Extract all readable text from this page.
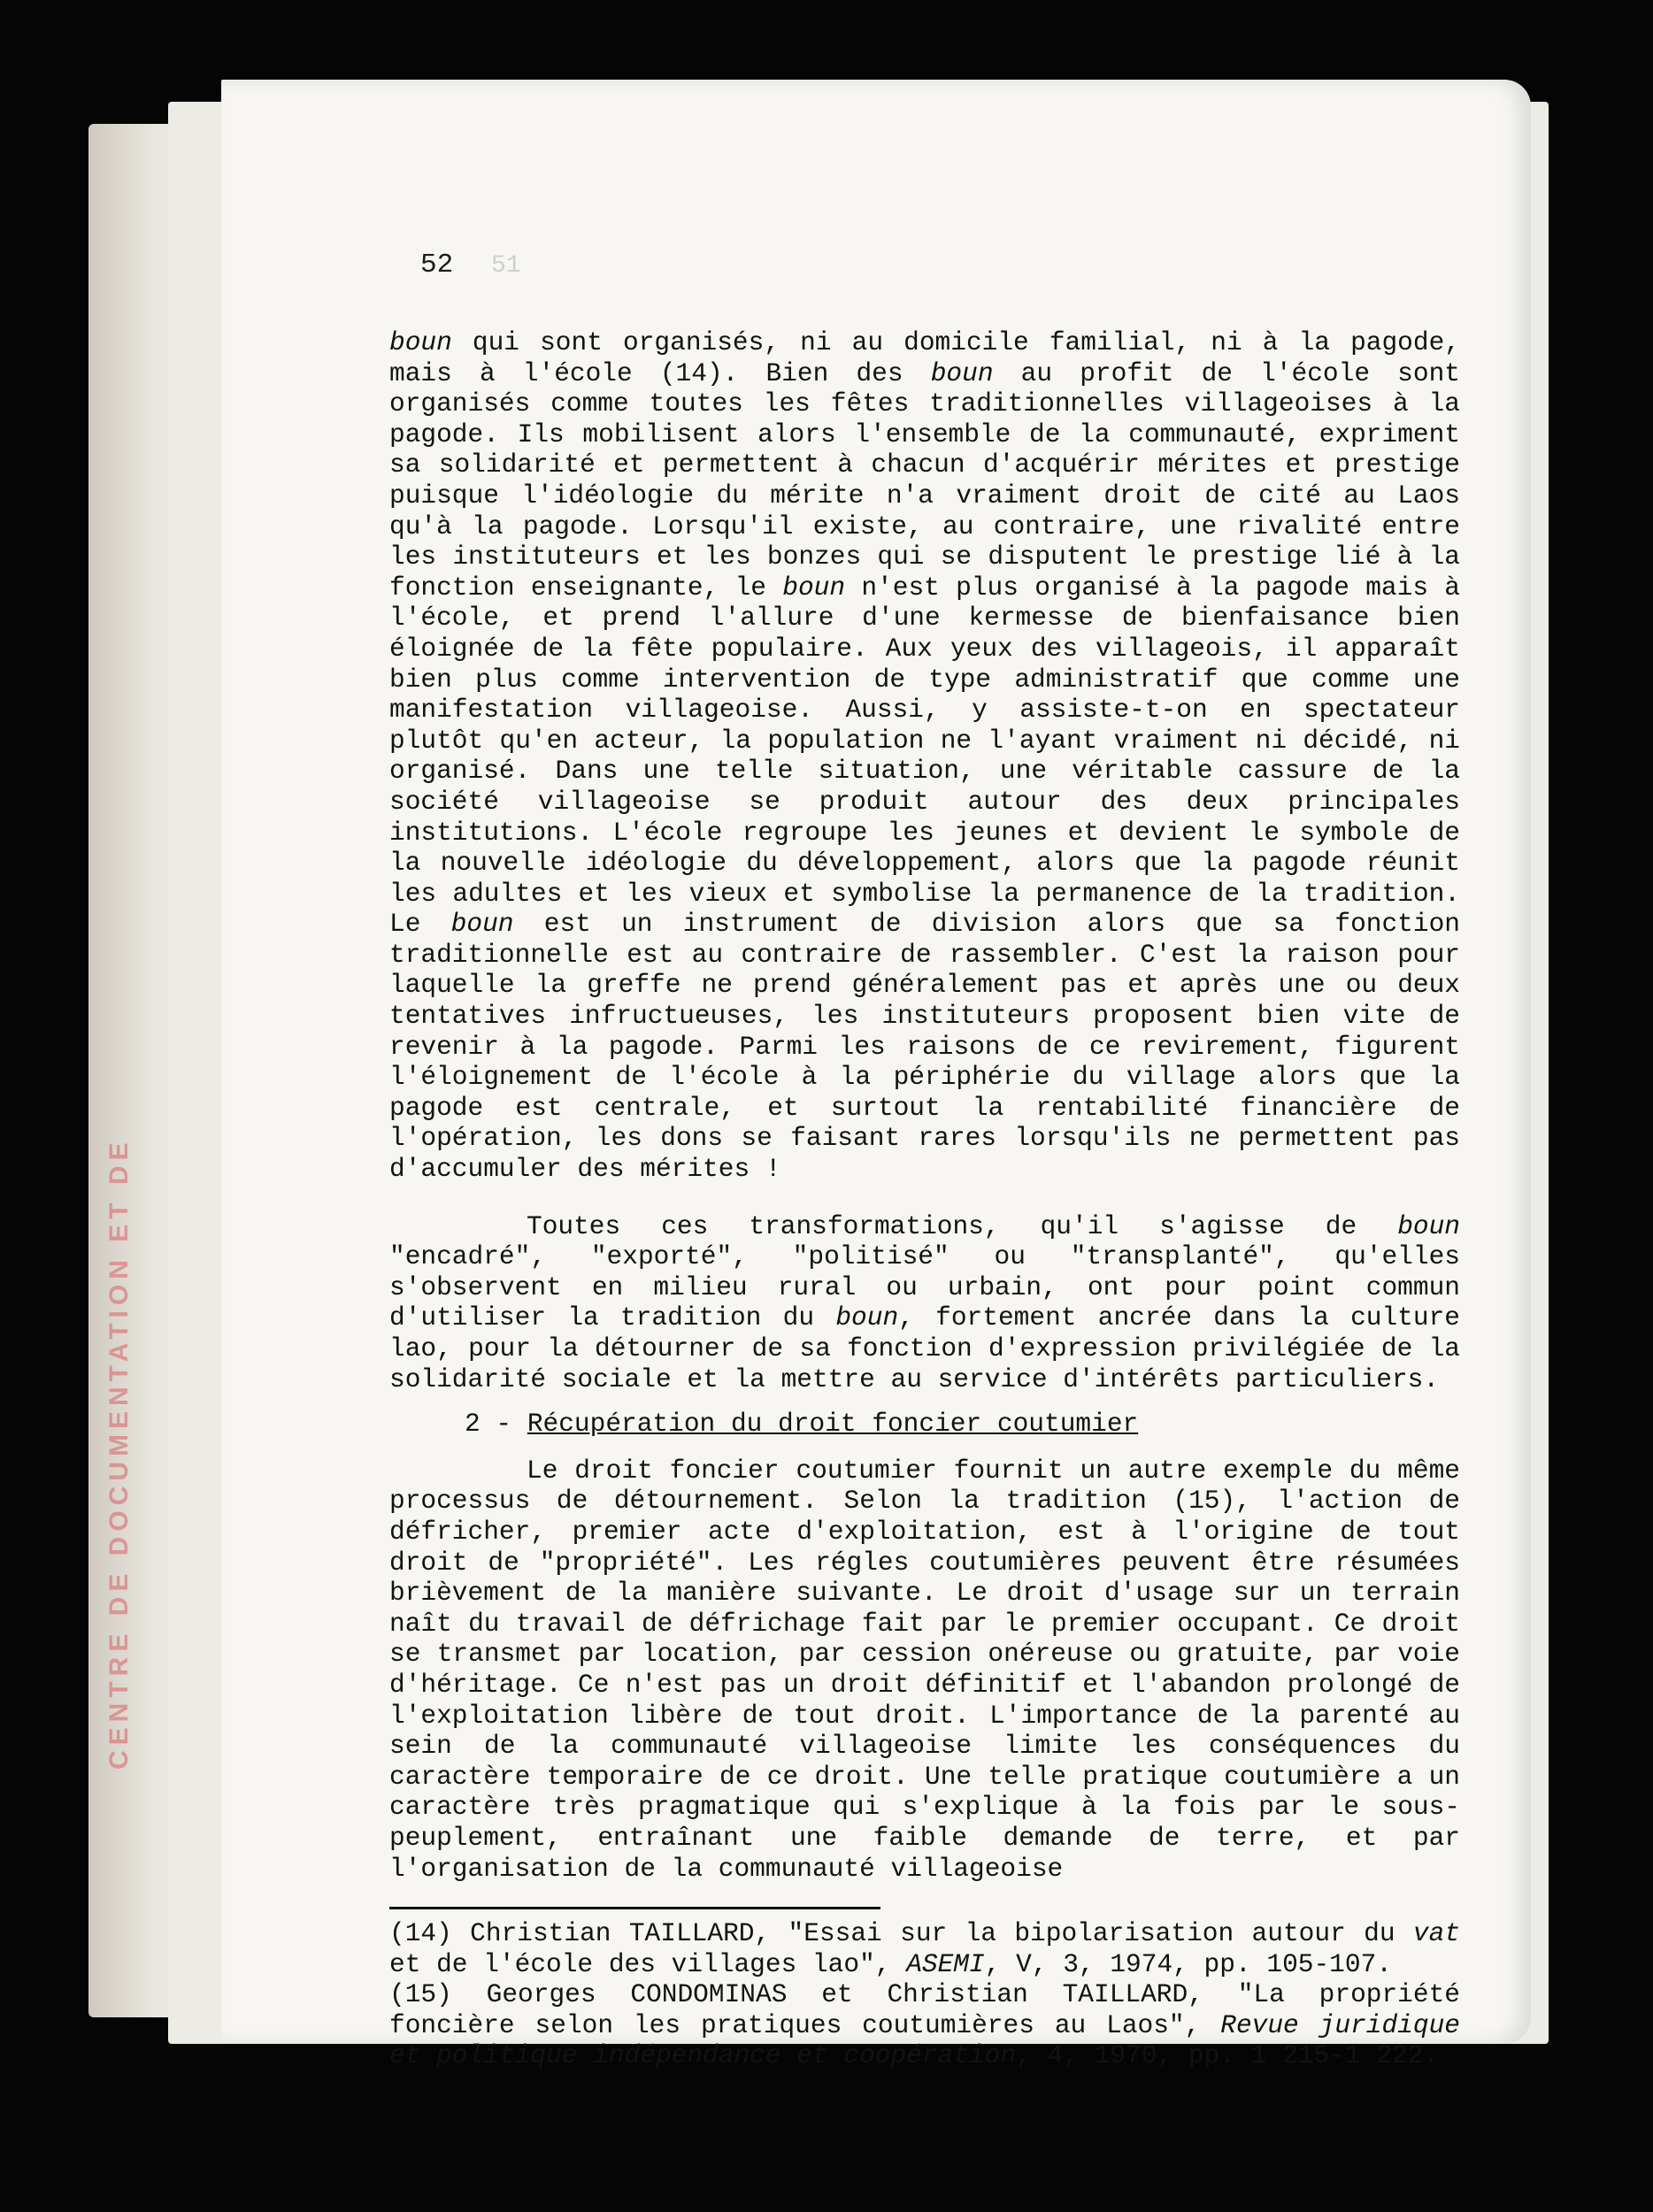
CENTRE DE DOCUMENTATION ET DE
52 51

boun qui sont organisés, ni au domicile familial, ni à la pagode, mais à l'école (14). Bien des boun au profit de l'école sont organisés comme toutes les fêtes traditionnelles villageoises à la pagode. Ils mobilisent alors l'ensemble de la communauté, expriment sa solidarité et permettent à chacun d'acquérir mérites et prestige puisque l'idéologie du mérite n'a vraiment droit de cité au Laos qu'à la pagode. Lorsqu'il existe, au contraire, une rivalité entre les instituteurs et les bonzes qui se disputent le prestige lié à la fonction enseignante, le boun n'est plus organisé à la pagode mais à l'école, et prend l'allure d'une kermesse de bienfaisance bien éloignée de la fête populaire. Aux yeux des villageois, il apparaît bien plus comme intervention de type administratif que comme une manifestation villageoise. Aussi, y assiste-t-on en spectateur plutôt qu'en acteur, la population ne l'ayant vraiment ni décidé, ni organisé. Dans une telle situation, une véritable cassure de la société villageoise se produit autour des deux principales institutions. L'école regroupe les jeunes et devient le symbole de la nouvelle idéologie du développement, alors que la pagode réunit les adultes et les vieux et symbolise la permanence de la tradition. Le boun est un instrument de division alors que sa fonction traditionnelle est au contraire de rassembler. C'est la raison pour laquelle la greffe ne prend généralement pas et après une ou deux tentatives infructueuses, les instituteurs proposent bien vite de revenir à la pagode. Parmi les raisons de ce revirement, figurent l'éloignement de l'école à la périphérie du village alors que la pagode est centrale, et surtout la rentabilité financière de l'opération, les dons se faisant rares lorsqu'ils ne permettent pas d'accumuler des mérites !

Toutes ces transformations, qu'il s'agisse de boun "encadré", "exporté", "politisé" ou "transplanté", qu'elles s'observent en milieu rural ou urbain, ont pour point commun d'utiliser la tradition du boun, fortement ancrée dans la culture lao, pour la détourner de sa fonction d'expression privilégiée de la solidarité sociale et la mettre au service d'intérêts particuliers.

2 - Récupération du droit foncier coutumier

Le droit foncier coutumier fournit un autre exemple du même processus de détournement. Selon la tradition (15), l'action de défricher, premier acte d'exploitation, est à l'origine de tout droit de "propriété". Les régles coutumières peuvent être résumées brièvement de la manière suivante. Le droit d'usage sur un terrain naît du travail de défrichage fait par le premier occupant. Ce droit se transmet par location, par cession onéreuse ou gratuite, par voie d'héritage. Ce n'est pas un droit définitif et l'abandon prolongé de l'exploitation libère de tout droit. L'importance de la parenté au sein de la communauté villageoise limite les conséquences du caractère temporaire de ce droit. Une telle pratique coutumière a un caractère très pragmatique qui s'explique à la fois par le sous-peuplement, entraînant une faible demande de terre, et par l'organisation de la communauté villageoise

(14) Christian TAILLARD, "Essai sur la bipolarisation autour du vat et de l'école des villages lao", ASEMI, V, 3, 1974, pp. 105-107.

(15) Georges CONDOMINAS et Christian TAILLARD, "La propriété foncière selon les pratiques coutumières au Laos", Revue juridique et politique indépendance et coopération, 4, 1970, pp. 1 215-1 222.
